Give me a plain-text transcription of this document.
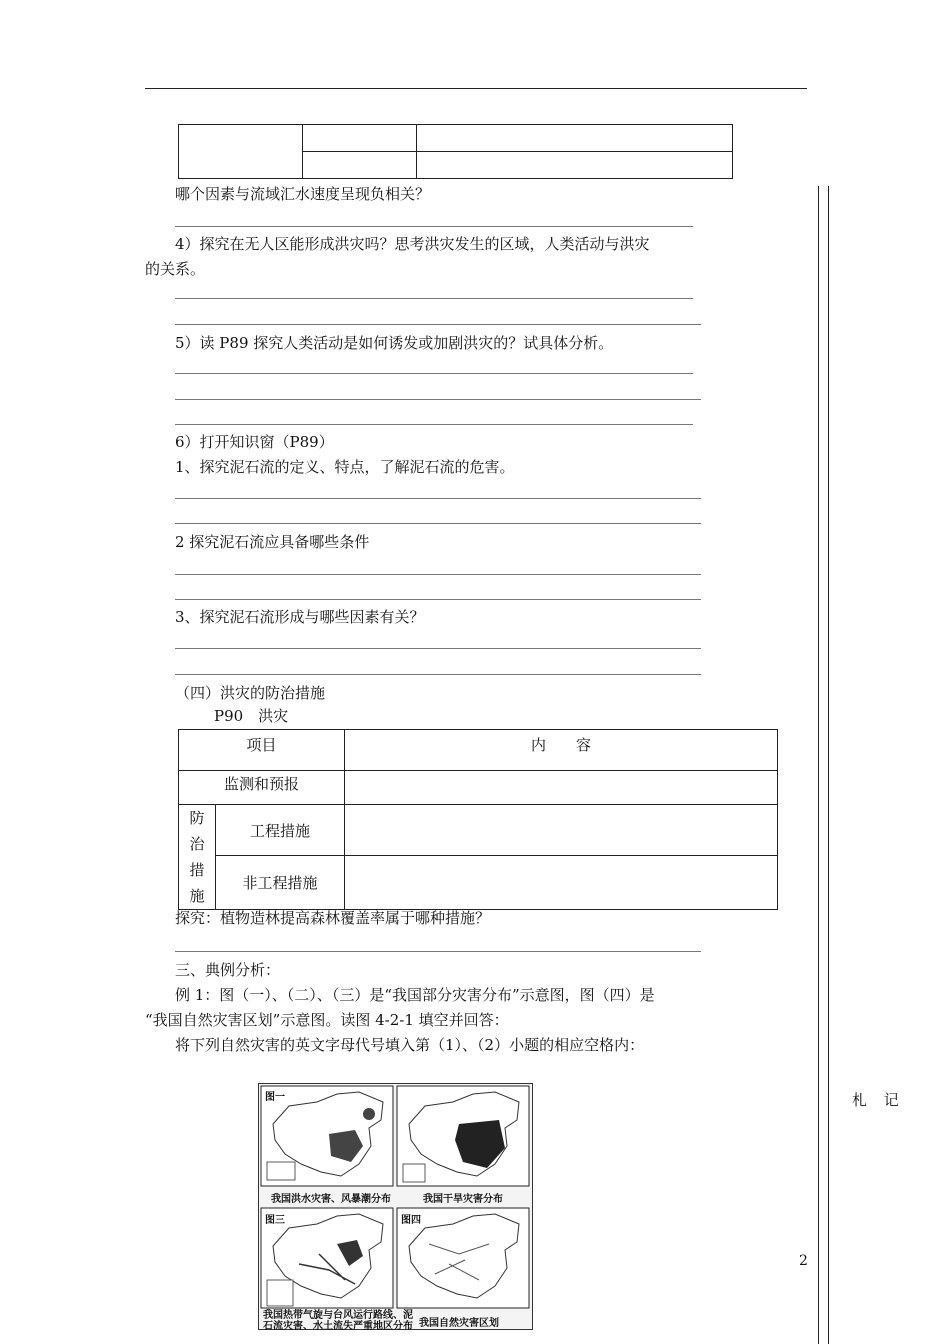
哪个因素与流域汇水速度呈现负相关？
4）探究在无人区能形成洪灾吗？思考洪灾发生的区域，人类活动与洪灾
的关系。
5）读 P89 探究人类活动是如何诱发或加剧洪灾的？试具体分析。
6）打开知识窗（P89）
1、探究泥石流的定义、特点，了解泥石流的危害。
2 探究泥石流应具备哪些条件
3、探究泥石流形成与哪些因素有关？
（四）洪灾的防治措施
P90　洪灾
项目		内　　容
监测和预报		

防
治
措
施	工程措施	
	非工程措施	
探究：植物造林提高森林覆盖率属于哪种措施？
三、典例分析：
例 1：图（一）、（二）、（三）是“我国部分灾害分布”示意图，图（四）是
“我国自然灾害区划”示意图。读图 4-2-1 填空并回答：
将下列自然灾害的英文字母代号填入第（1）、（2）小题的相应空格内：
图一
我国洪水灾害、风暴潮分布	我国干旱灾害分布
图三	图四
我国热带气旋与台风运行路线、泥
石流灾害、水土流失严重地区分布 我国自然灾害区划
札 记
2
